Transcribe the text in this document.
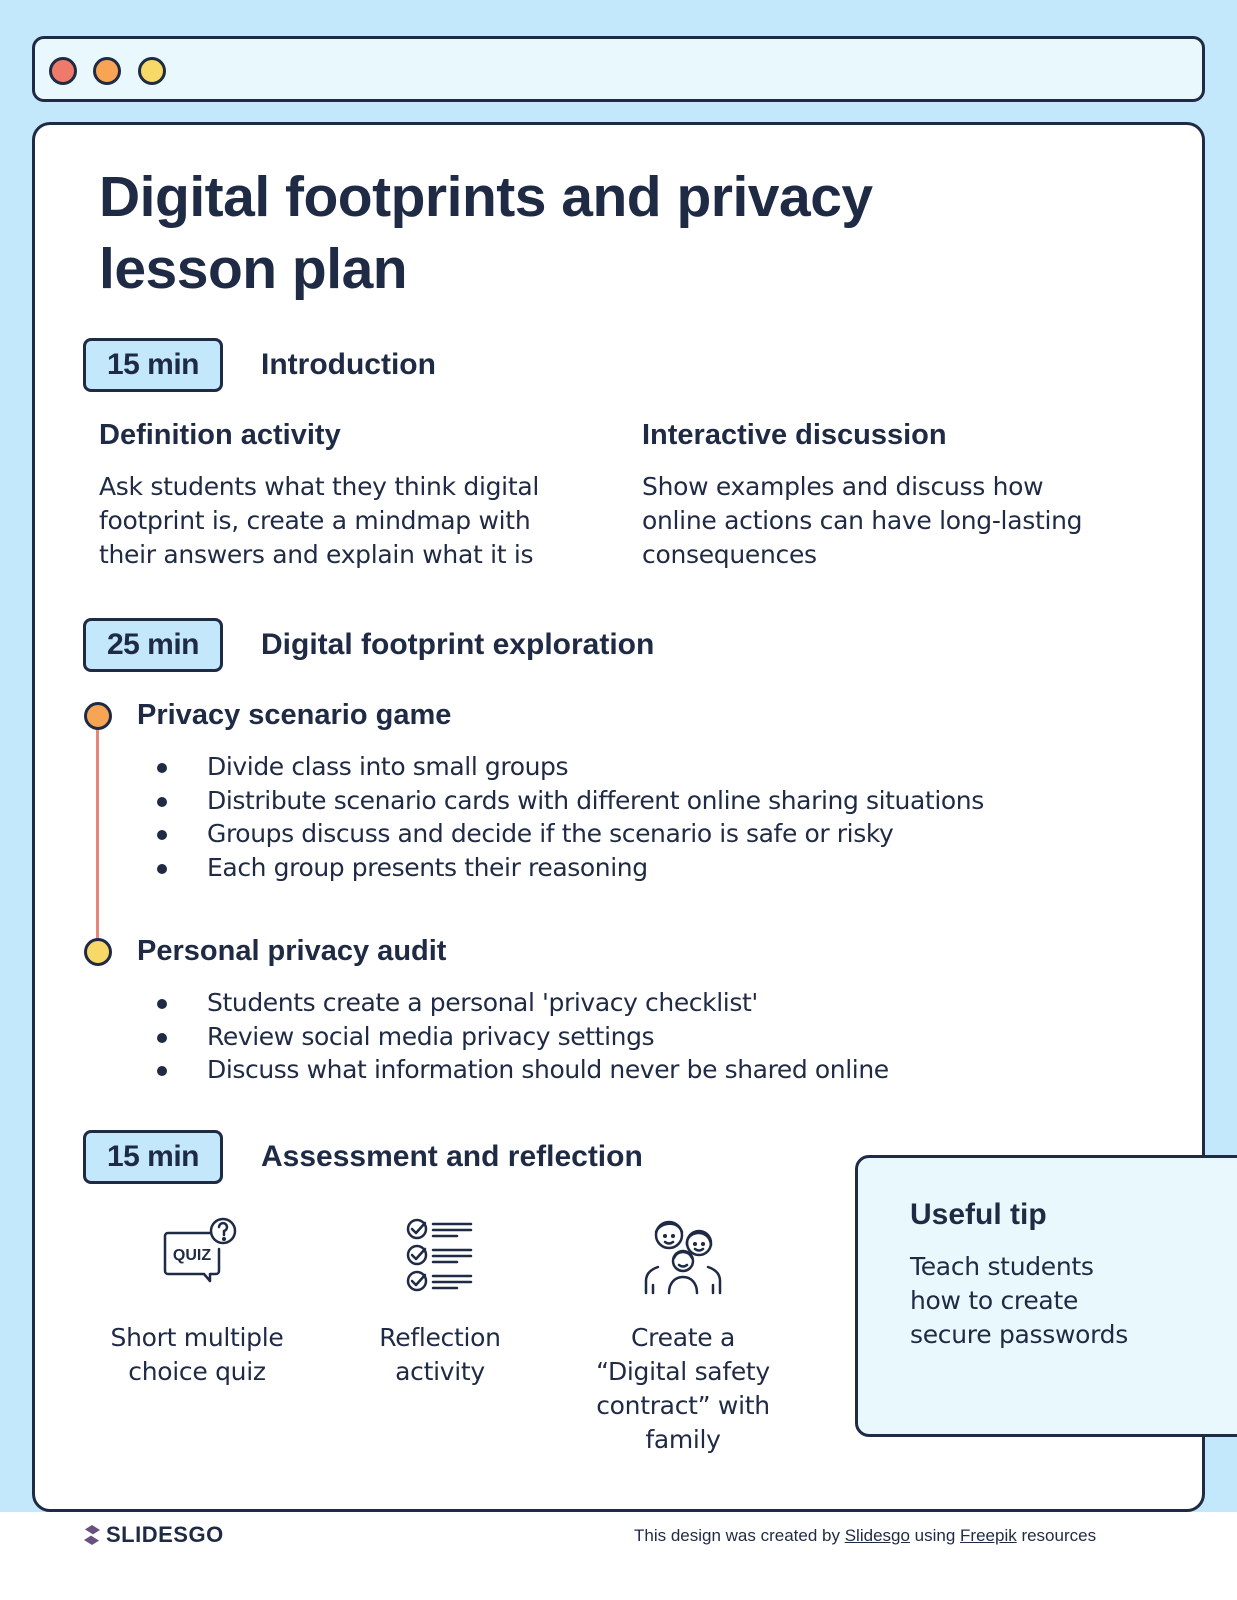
Digital footprints and privacy lesson plan
15 min	Introduction
Definition activity

Ask students what they think digital footprint is, create a mindmap with their answers and explain what it is

Interactive discussion

Show examples and discuss how online actions can have long-lasting consequences

25 min	Digital footprint exploration
Privacy scenario game
Divide class into small groups
Distribute scenario cards with different online sharing situations
Groups discuss and decide if the scenario is safe or risky
Each group presents their reasoning
Personal privacy audit
Students create a personal 'privacy checklist'
Review social media privacy settings
Discuss what information should never be shared online
15 min	Assessment and reflection
QUIZ
Short multiple choice quiz
Reflection activity
Create a “Digital safety contract” with family
Useful tip

Teach students how to create secure passwords

SLIDESGO	This design was created by Slidesgo using Freepik resources
